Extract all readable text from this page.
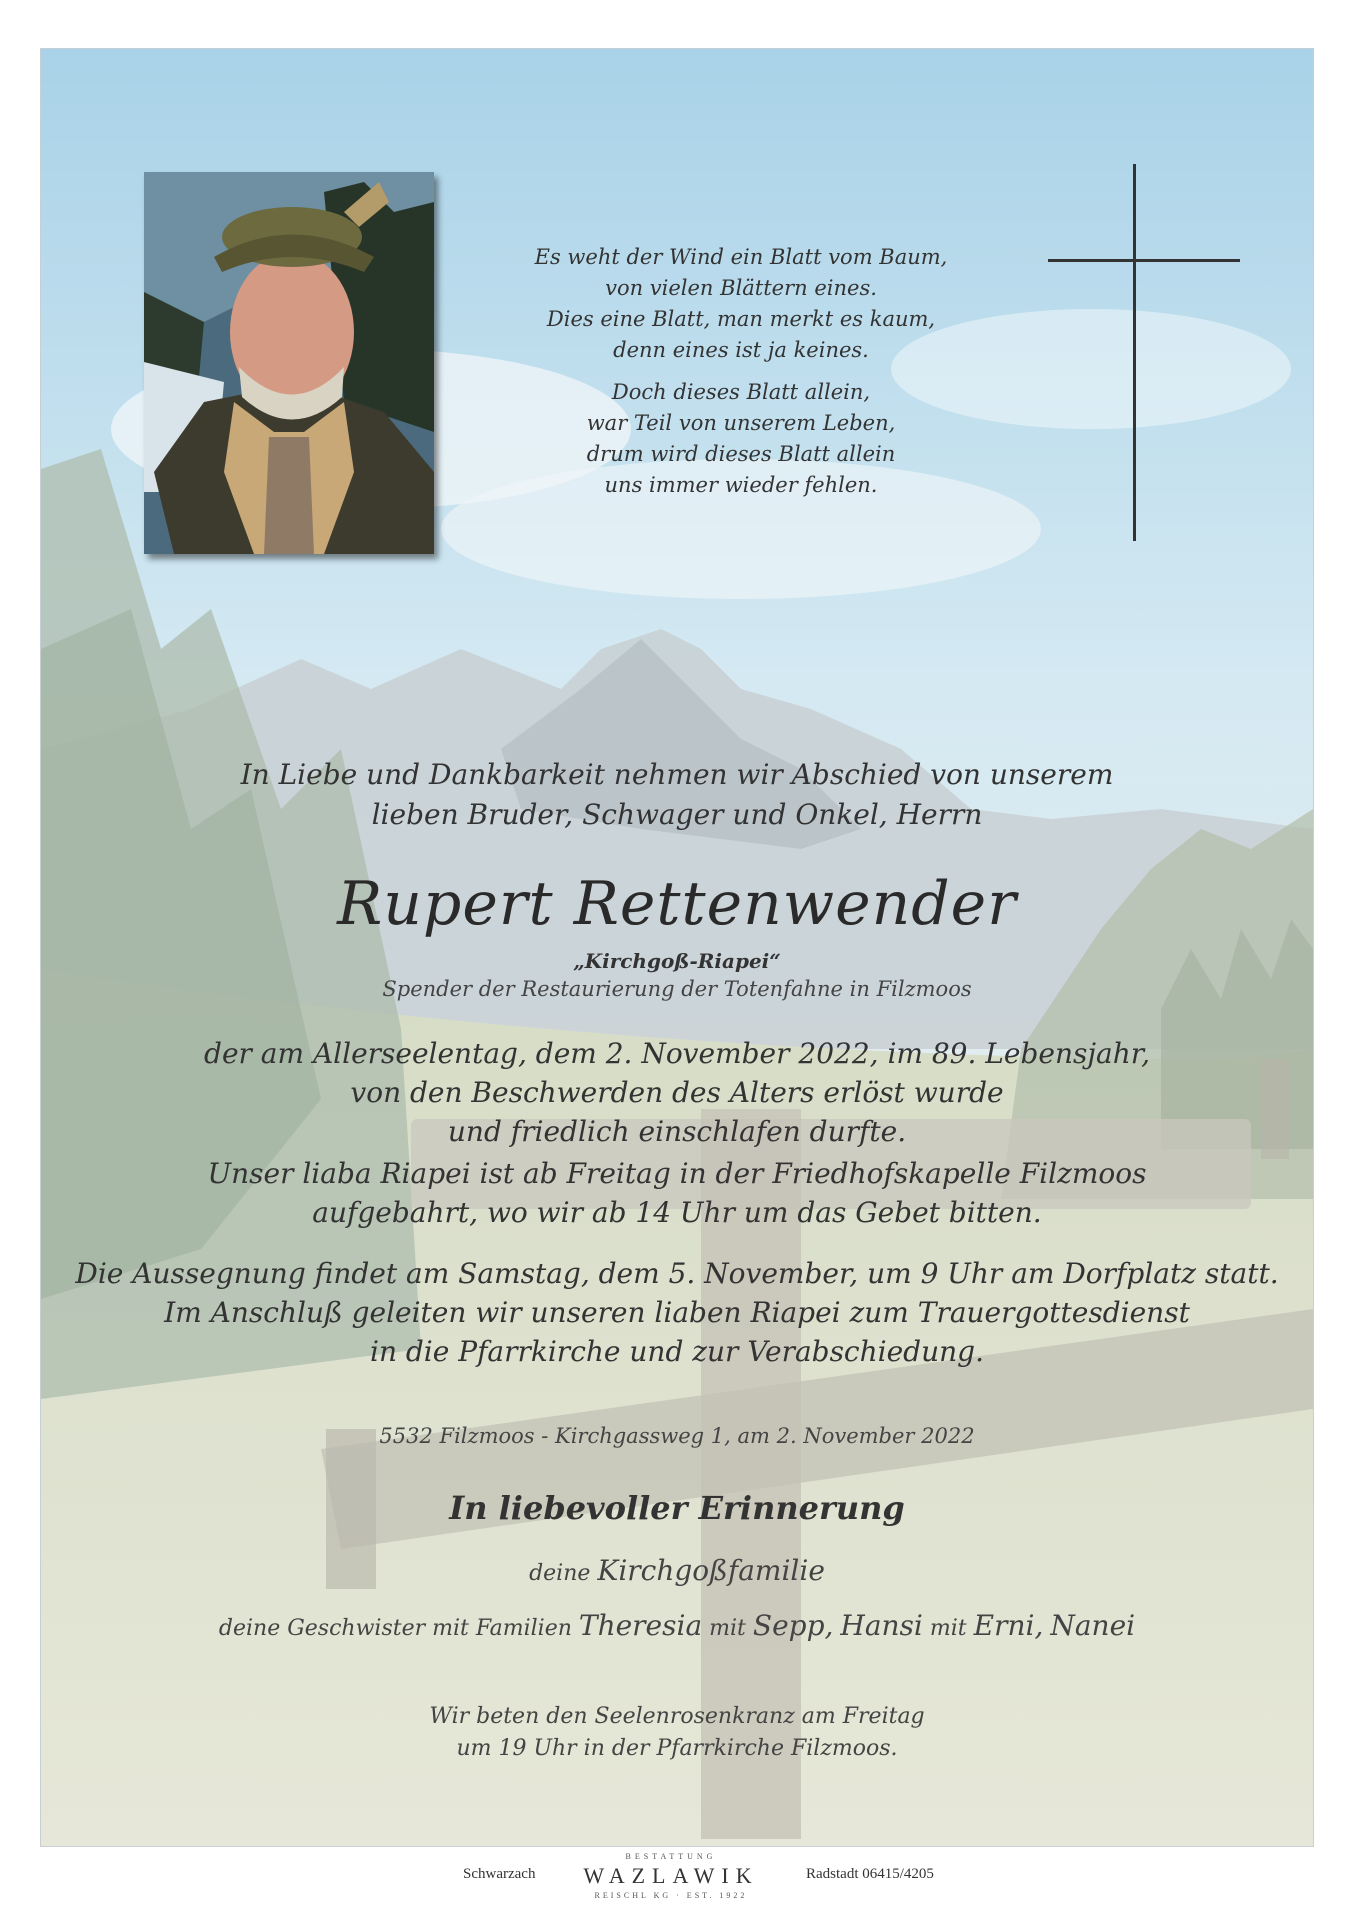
Es weht der Wind ein Blatt vom Baum,
von vielen Blättern eines.
Dies eine Blatt, man merkt es kaum,
denn eines ist ja keines.
Doch dieses Blatt allein,
war Teil von unserem Leben,
drum wird dieses Blatt allein
uns immer wieder fehlen.
In Liebe und Dankbarkeit nehmen wir Abschied von unserem
lieben Bruder, Schwager und Onkel, Herrn
Rupert Rettenwender
„Kirchgoß-Riapei“
Spender der Restaurierung der Totenfahne in Filzmoos
der am Allerseelentag, dem 2. November 2022, im 89. Lebensjahr,
von den Beschwerden des Alters erlöst wurde
und friedlich einschlafen durfte.
Unser liaba Riapei ist ab Freitag in der Friedhofskapelle Filzmoos
aufgebahrt, wo wir ab 14 Uhr um das Gebet bitten.
Die Aussegnung findet am Samstag, dem 5. November, um 9 Uhr am Dorfplatz statt.
Im Anschluß geleiten wir unseren liaben Riapei zum Trauergottesdienst
in die Pfarrkirche und zur Verabschiedung.
5532 Filzmoos - Kirchgassweg 1, am 2. November 2022
In liebevoller Erinnerung
deine Kirchgoßfamilie
deine Geschwister mit Familien Theresia mit Sepp, Hansi mit Erni, Nanei
Wir beten den Seelenrosenkranz am Freitag
um 19 Uhr in der Pfarrkirche Filzmoos.
Schwarzach
BESTATTUNG
WAZLAWIK
REISCHL KG · EST. 1922
Radstadt 06415/4205
